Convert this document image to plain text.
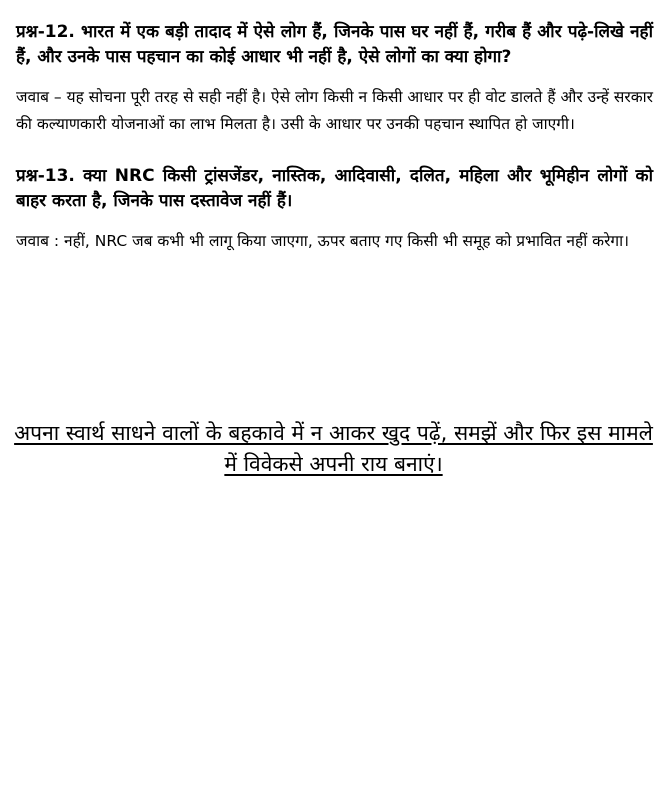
प्रश्न-12. भारत में एक बड़ी तादाद में ऐसे लोग हैं, जिनके पास घर नहीं हैं, गरीब हैं और पढ़े-लिखे नहीं हैं, और उनके पास पहचान का कोई आधार भी नहीं है, ऐसे लोगों का क्या होगा?

जवाब – यह सोचना पूरी तरह से सही नहीं है। ऐसे लोग किसी न किसी आधार पर ही वोट डालते हैं और उन्हें सरकार की कल्याणकारी योजनाओं का लाभ मिलता है। उसी के आधार पर उनकी पहचान स्थापित हो जाएगी।

प्रश्न-13. क्या NRC किसी ट्रांसजेंडर, नास्तिक, आदिवासी, दलित, महिला और भूमिहीन लोगों को बाहर करता है, जिनके पास दस्तावेज नहीं हैं।

जवाब : नहीं, NRC जब कभी भी लागू किया जाएगा, ऊपर बताए गए किसी भी समूह को प्रभावित नहीं करेगा।

अपना स्वार्थ साधने वालों के बहकावे में न आकर खुद पढ़ें, समझें और फिर इस मामले में विवेकसे अपनी राय बनाएं।
